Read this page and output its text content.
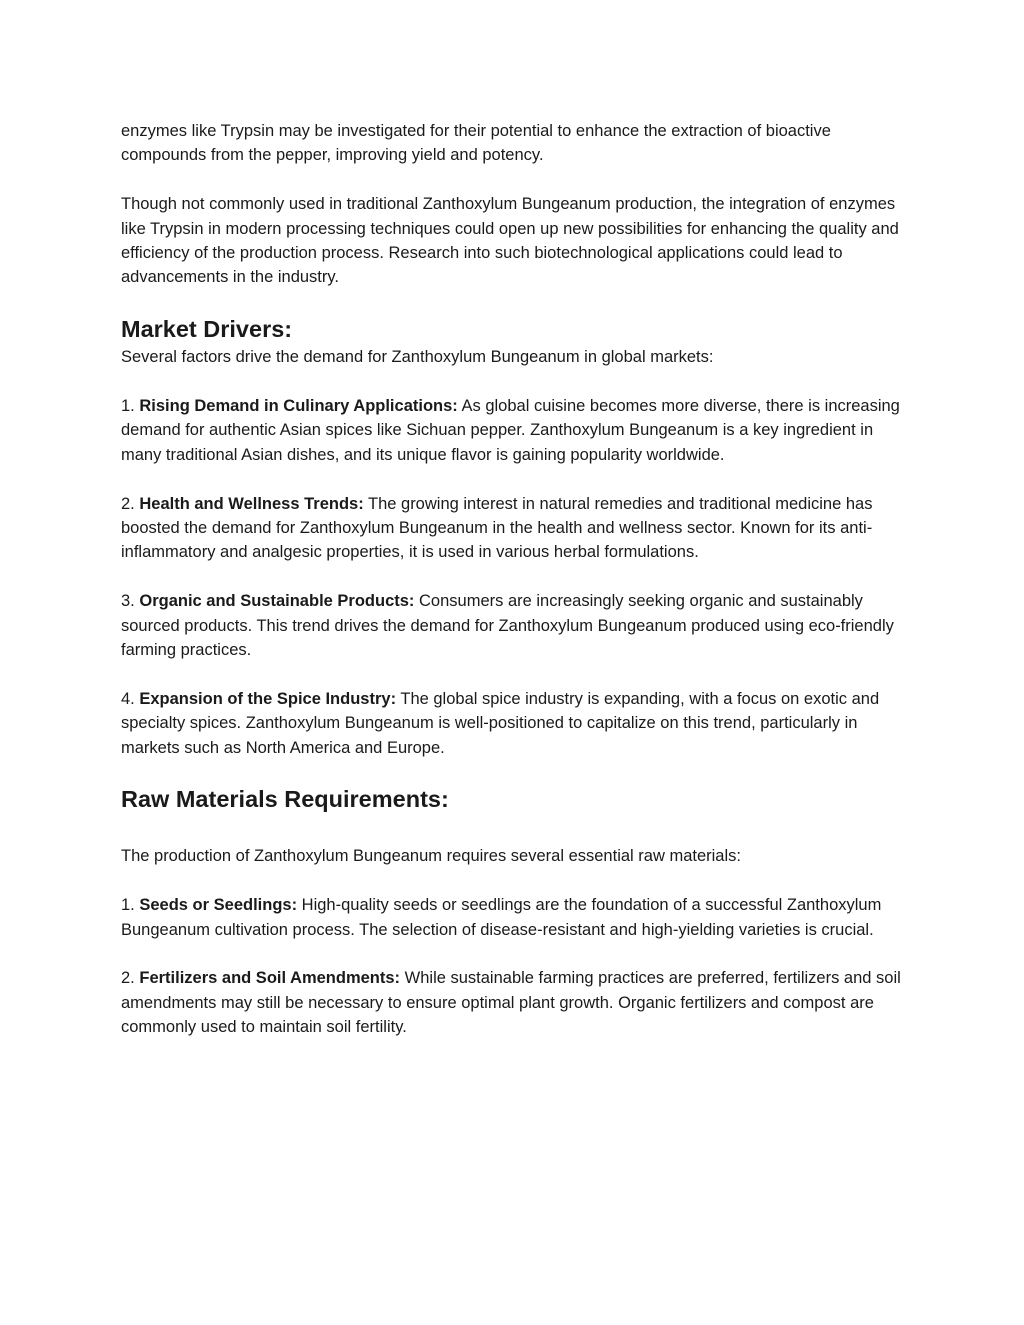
enzymes like Trypsin may be investigated for their potential to enhance the extraction of bioactive compounds from the pepper, improving yield and potency.

Though not commonly used in traditional Zanthoxylum Bungeanum production, the integration of enzymes like Trypsin in modern processing techniques could open up new possibilities for enhancing the quality and efficiency of the production process. Research into such biotechnological applications could lead to advancements in the industry.

Market Drivers:

Several factors drive the demand for Zanthoxylum Bungeanum in global markets:

1. Rising Demand in Culinary Applications: As global cuisine becomes more diverse, there is increasing demand for authentic Asian spices like Sichuan pepper. Zanthoxylum Bungeanum is a key ingredient in many traditional Asian dishes, and its unique flavor is gaining popularity worldwide.

2. Health and Wellness Trends: The growing interest in natural remedies and traditional medicine has boosted the demand for Zanthoxylum Bungeanum in the health and wellness sector. Known for its anti-inflammatory and analgesic properties, it is used in various herbal formulations.

3. Organic and Sustainable Products: Consumers are increasingly seeking organic and sustainably sourced products. This trend drives the demand for Zanthoxylum Bungeanum produced using eco-friendly farming practices.

4. Expansion of the Spice Industry: The global spice industry is expanding, with a focus on exotic and specialty spices. Zanthoxylum Bungeanum is well-positioned to capitalize on this trend, particularly in markets such as North America and Europe.

Raw Materials Requirements:

The production of Zanthoxylum Bungeanum requires several essential raw materials:

1. Seeds or Seedlings: High-quality seeds or seedlings are the foundation of a successful Zanthoxylum Bungeanum cultivation process. The selection of disease-resistant and high-yielding varieties is crucial.

2. Fertilizers and Soil Amendments: While sustainable farming practices are preferred, fertilizers and soil amendments may still be necessary to ensure optimal plant growth. Organic fertilizers and compost are commonly used to maintain soil fertility.
